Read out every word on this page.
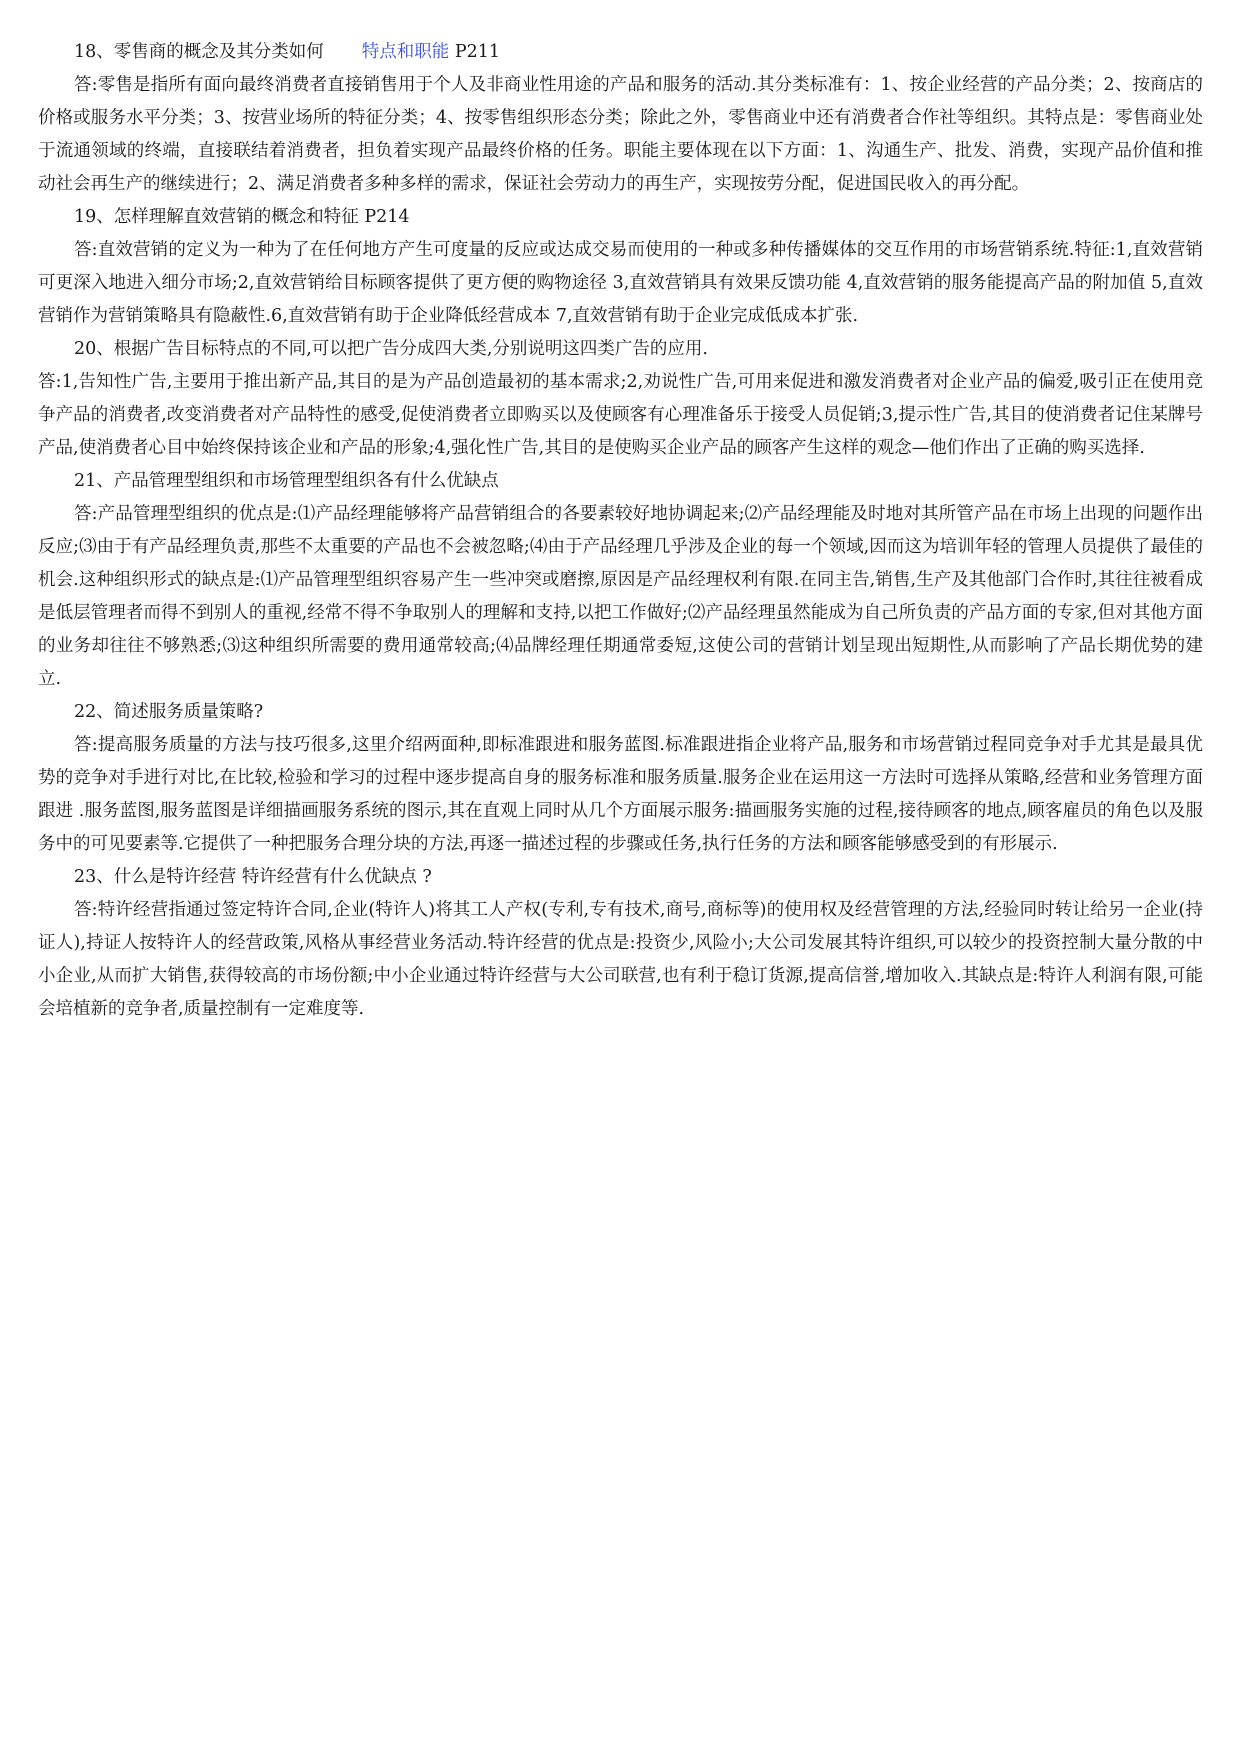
18、零售商的概念及其分类如何 特点和职能 P211

答:零售是指所有面向最终消费者直接销售用于个人及非商业性用途的产品和服务的活动.其分类标准有：1、按企业经营的产品分类；2、按商店的价格或服务水平分类；3、按营业场所的特征分类；4、按零售组织形态分类；除此之外，零售商业中还有消费者合作社等组织。其特点是：零售商业处于流通领域的终端，直接联结着消费者，担负着实现产品最终价格的任务。职能主要体现在以下方面：1、沟通生产、批发、消费，实现产品价值和推动社会再生产的继续进行；2、满足消费者多种多样的需求，保证社会劳动力的再生产，实现按劳分配，促进国民收入的再分配。

19、怎样理解直效营销的概念和特征 P214

答:直效营销的定义为一种为了在任何地方产生可度量的反应或达成交易而使用的一种或多种传播媒体的交互作用的市场营销系统.特征:1,直效营销可更深入地进入细分市场;2,直效营销给目标顾客提供了更方便的购物途径 3,直效营销具有效果反馈功能 4,直效营销的服务能提高产品的附加值 5,直效营销作为营销策略具有隐蔽性.6,直效营销有助于企业降低经营成本 7,直效营销有助于企业完成低成本扩张.

20、根据广告目标特点的不同,可以把广告分成四大类,分别说明这四类广告的应用.

答:1,告知性广告,主要用于推出新产品,其目的是为产品创造最初的基本需求;2,劝说性广告,可用来促进和激发消费者对企业产品的偏爱,吸引正在使用竞争产品的消费者,改变消费者对产品特性的感受,促使消费者立即购买以及使顾客有心理准备乐于接受人员促销;3,提示性广告,其目的使消费者记住某牌号产品,使消费者心目中始终保持该企业和产品的形象;4,强化性广告,其目的是使购买企业产品的顾客产生这样的观念—他们作出了正确的购买选择.

21、产品管理型组织和市场管理型组织各有什么优缺点

答:产品管理型组织的优点是:⑴产品经理能够将产品营销组合的各要素较好地协调起来;⑵产品经理能及时地对其所管产品在市场上出现的问题作出反应;⑶由于有产品经理负责,那些不太重要的产品也不会被忽略;⑷由于产品经理几乎涉及企业的每一个领域,因而这为培训年轻的管理人员提供了最佳的机会.这种组织形式的缺点是:⑴产品管理型组织容易产生一些冲突或磨擦,原因是产品经理权利有限.在同主告,销售,生产及其他部门合作时,其往往被看成是低层管理者而得不到别人的重视,经常不得不争取别人的理解和支持,以把工作做好;⑵产品经理虽然能成为自己所负责的产品方面的专家,但对其他方面的业务却往往不够熟悉;⑶这种组织所需要的费用通常较高;⑷品牌经理任期通常委短,这使公司的营销计划呈现出短期性,从而影响了产品长期优势的建立.

22、简述服务质量策略?

答:提高服务质量的方法与技巧很多,这里介绍两面种,即标准跟进和服务蓝图.标准跟进指企业将产品,服务和市场营销过程同竞争对手尤其是最具优势的竞争对手进行对比,在比较,检验和学习的过程中逐步提高自身的服务标准和服务质量.服务企业在运用这一方法时可选择从策略,经营和业务管理方面跟进 .服务蓝图,服务蓝图是详细描画服务系统的图示,其在直观上同时从几个方面展示服务:描画服务实施的过程,接待顾客的地点,顾客雇员的角色以及服务中的可见要素等.它提供了一种把服务合理分块的方法,再逐一描述过程的步骤或任务,执行任务的方法和顾客能够感受到的有形展示.

23、什么是特许经营 特许经营有什么优缺点 ?

答:特许经营指通过签定特许合同,企业(特许人)将其工人产权(专利,专有技术,商号,商标等)的使用权及经营管理的方法,经验同时转让给另一企业(持证人),持证人按特许人的经营政策,风格从事经营业务活动.特许经营的优点是:投资少,风险小;大公司发展其特许组织,可以较少的投资控制大量分散的中小企业,从而扩大销售,获得较高的市场份额;中小企业通过特许经营与大公司联营,也有利于稳订货源,提高信誉,增加收入.其缺点是:特许人利润有限,可能会培植新的竞争者,质量控制有一定难度等.
